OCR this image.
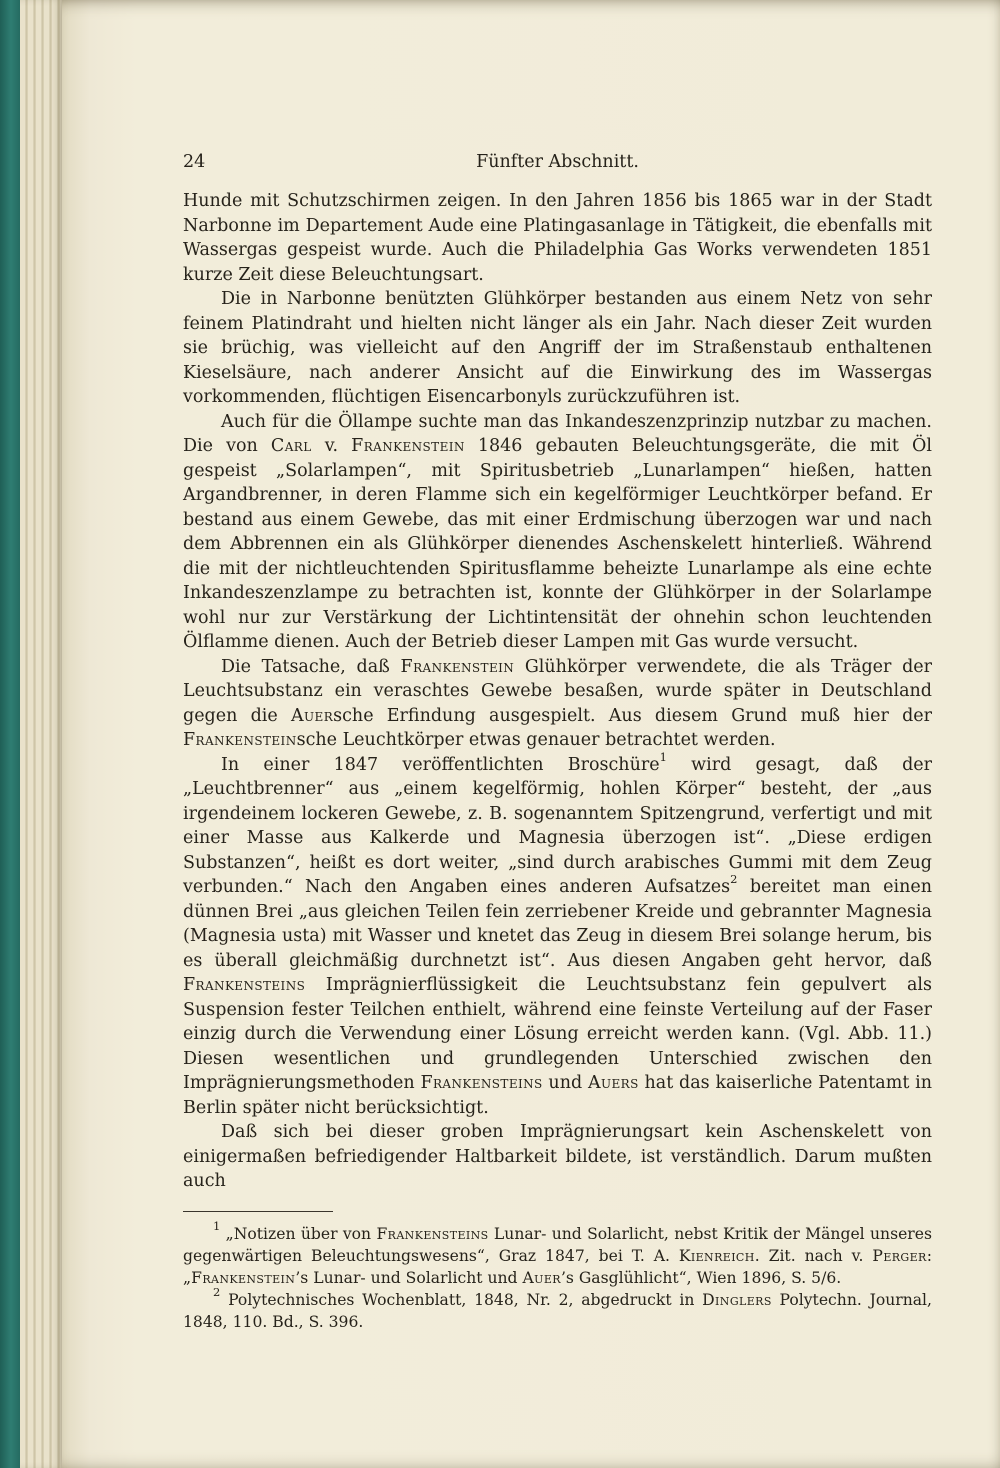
24	Fünfter Abschnitt.

Hunde mit Schutzschirmen zeigen. In den Jahren 1856 bis 1865 war in der Stadt Narbonne im Departement Aude eine Platingasanlage in Tätigkeit, die ebenfalls mit Wassergas gespeist wurde. Auch die Philadelphia Gas Works verwendeten 1851 kurze Zeit diese Beleuchtungsart.

Die in Narbonne benützten Glühkörper bestanden aus einem Netz von sehr feinem Platindraht und hielten nicht länger als ein Jahr. Nach dieser Zeit wurden sie brüchig, was vielleicht auf den Angriff der im Straßenstaub enthaltenen Kieselsäure, nach anderer Ansicht auf die Einwirkung des im Wassergas vorkommenden, flüchtigen Eisencarbonyls zurückzuführen ist.

Auch für die Öllampe suchte man das Inkandeszenzprinzip nutzbar zu machen. Die von Carl v. Frankenstein 1846 gebauten Beleuchtungsgeräte, die mit Öl gespeist „Solarlampen“, mit Spiritusbetrieb „Lunarlampen“ hießen, hatten Argandbrenner, in deren Flamme sich ein kegelförmiger Leuchtkörper befand. Er bestand aus einem Gewebe, das mit einer Erdmischung überzogen war und nach dem Abbrennen ein als Glühkörper dienendes Aschenskelett hinterließ. Während die mit der nichtleuchtenden Spiritusflamme beheizte Lunarlampe als eine echte Inkandeszenzlampe zu betrachten ist, konnte der Glühkörper in der Solarlampe wohl nur zur Verstärkung der Lichtintensität der ohnehin schon leuchtenden Ölflamme dienen. Auch der Betrieb dieser Lampen mit Gas wurde versucht.

Die Tatsache, daß Frankenstein Glühkörper verwendete, die als Träger der Leuchtsubstanz ein veraschtes Gewebe besaßen, wurde später in Deutschland gegen die Auersche Erfindung ausgespielt. Aus diesem Grund muß hier der Frankensteinsche Leuchtkörper etwas genauer betrachtet werden.

In einer 1847 veröffentlichten Broschüre$^1$ wird gesagt, daß der „Leuchtbrenner“ aus „einem kegelförmig, hohlen Körper“ besteht, der „aus irgendeinem lockeren Gewebe, z. B. sogenanntem Spitzengrund, verfertigt und mit einer Masse aus Kalkerde und Magnesia überzogen ist“. „Diese erdigen Substanzen“, heißt es dort weiter, „sind durch arabisches Gummi mit dem Zeug verbunden.“ Nach den Angaben eines anderen Aufsatzes$^2$ bereitet man einen dünnen Brei „aus gleichen Teilen fein zerriebener Kreide und gebrannter Magnesia (Magnesia usta) mit Wasser und knetet das Zeug in diesem Brei solange herum, bis es überall gleichmäßig durchnetzt ist“. Aus diesen Angaben geht hervor, daß Frankensteins Imprägnierflüssigkeit die Leuchtsubstanz fein gepulvert als Suspension fester Teilchen enthielt, während eine feinste Verteilung auf der Faser einzig durch die Verwendung einer Lösung erreicht werden kann. (Vgl. Abb. 11.) Diesen wesentlichen und grundlegenden Unterschied zwischen den Imprägnierungsmethoden Frankensteins und Auers hat das kaiserliche Patentamt in Berlin später nicht berücksichtigt.

Daß sich bei dieser groben Imprägnierungsart kein Aschenskelett von einigermaßen befriedigender Haltbarkeit bildete, ist verständlich. Darum mußten auch

$^1$ „Notizen über von Frankensteins Lunar- und Solarlicht, nebst Kritik der Mängel unseres gegenwärtigen Beleuchtungswesens“, Graz 1847, bei T. A. Kienreich. Zit. nach v. Perger: „Frankenstein’s Lunar- und Solarlicht und Auer’s Gasglühlicht“, Wien 1896, S. 5/6.

$^2$ Polytechnisches Wochenblatt, 1848, Nr. 2, abgedruckt in Dinglers Polytechn. Journal, 1848, 110. Bd., S. 396.
